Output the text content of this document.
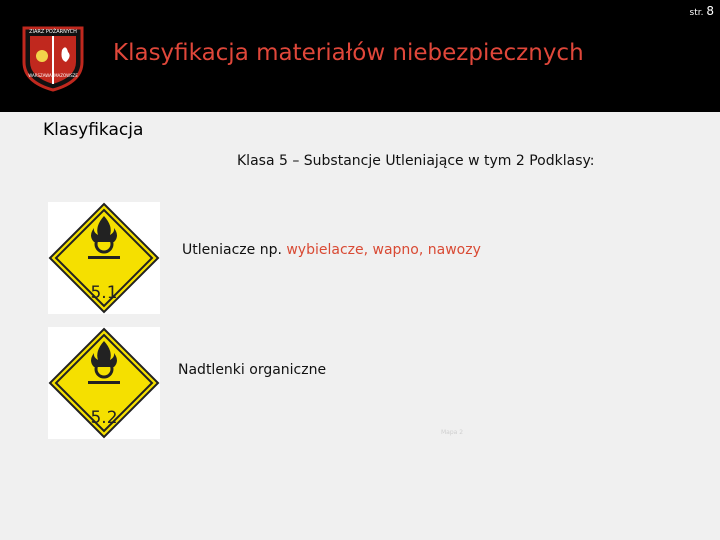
str. 8
ZIARZ POŻARNYCH
WARSZAWA MAZOWSZE
Klasyfikacja materiałów niebezpiecznych
Klasyfikacja
Klasa 5 – Substancje Utleniające w tym 2 Podklasy:
5.1
5.2
Utleniacze np. wybielacze, wapno, nawozy
Nadtlenki organiczne
Mapa 2
